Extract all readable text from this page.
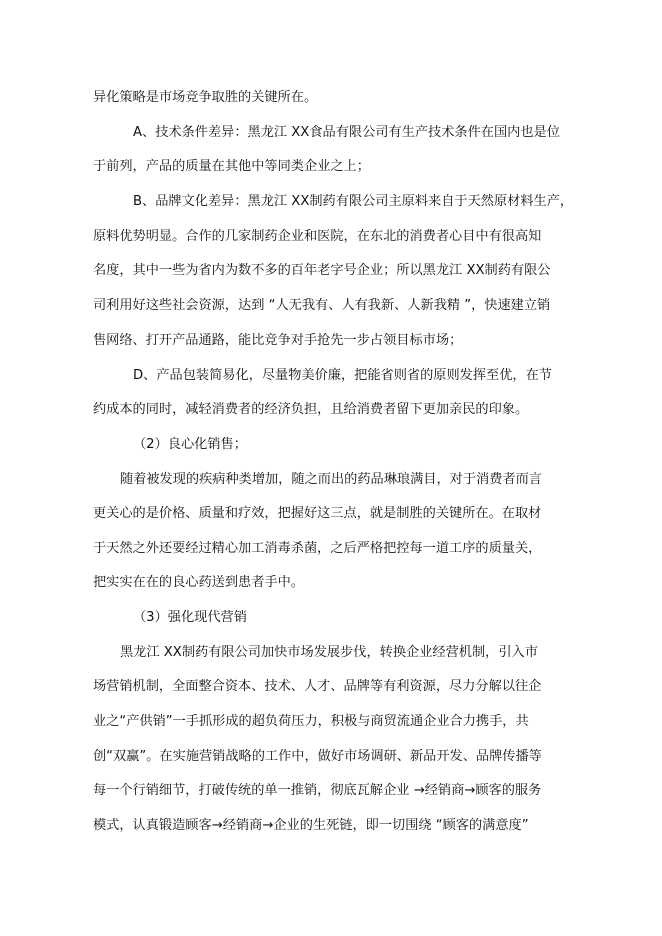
异化策略是市场竞争取胜的关键所在。
A、技术条件差异：黑龙江 XX食品有限公司有生产技术条件在国内也是位
于前列，产品的质量在其他中等同类企业之上；
B、品牌文化差异：黑龙江 XX制药有限公司主原料来自于天然原材料生产，
原料优势明显。合作的几家制药企业和医院，在东北的消费者心目中有很高知
名度，其中一些为省内为数不多的百年老字号企业；所以黑龙江 XX制药有限公
司利用好这些社会资源，达到 “人无我有、人有我新、人新我精 ”，快速建立销
售网络、打开产品通路，能比竞争对手抢先一步占领目标市场；
D、产品包装简易化，尽量物美价廉，把能省则省的原则发挥至优，在节
约成本的同时，减轻消费者的经济负担，且给消费者留下更加亲民的印象。
（2）良心化销售；
随着被发现的疾病种类增加，随之而出的药品琳琅满目，对于消费者而言
更关心的是价格、质量和疗效，把握好这三点，就是制胜的关键所在。在取材
于天然之外还要经过精心加工消毒杀菌，之后严格把控每一道工序的质量关，
把实实在在的良心药送到患者手中。
（3）强化现代营销
黑龙江 XX制药有限公司加快市场发展步伐，转换企业经营机制，引入市
场营销机制，全面整合资本、技术、人才、品牌等有利资源，尽力分解以往企
业之“产供销”一手抓形成的超负荷压力，积极与商贸流通企业合力携手，共
创“双赢”。在实施营销战略的工作中，做好市场调研、新品开发、品牌传播等
每一个行销细节，打破传统的单一推销，彻底瓦解企业 →经销商→顾客的服务
模式，认真锻造顾客→经销商→企业的生死链，即一切围绕 “顾客的满意度”
